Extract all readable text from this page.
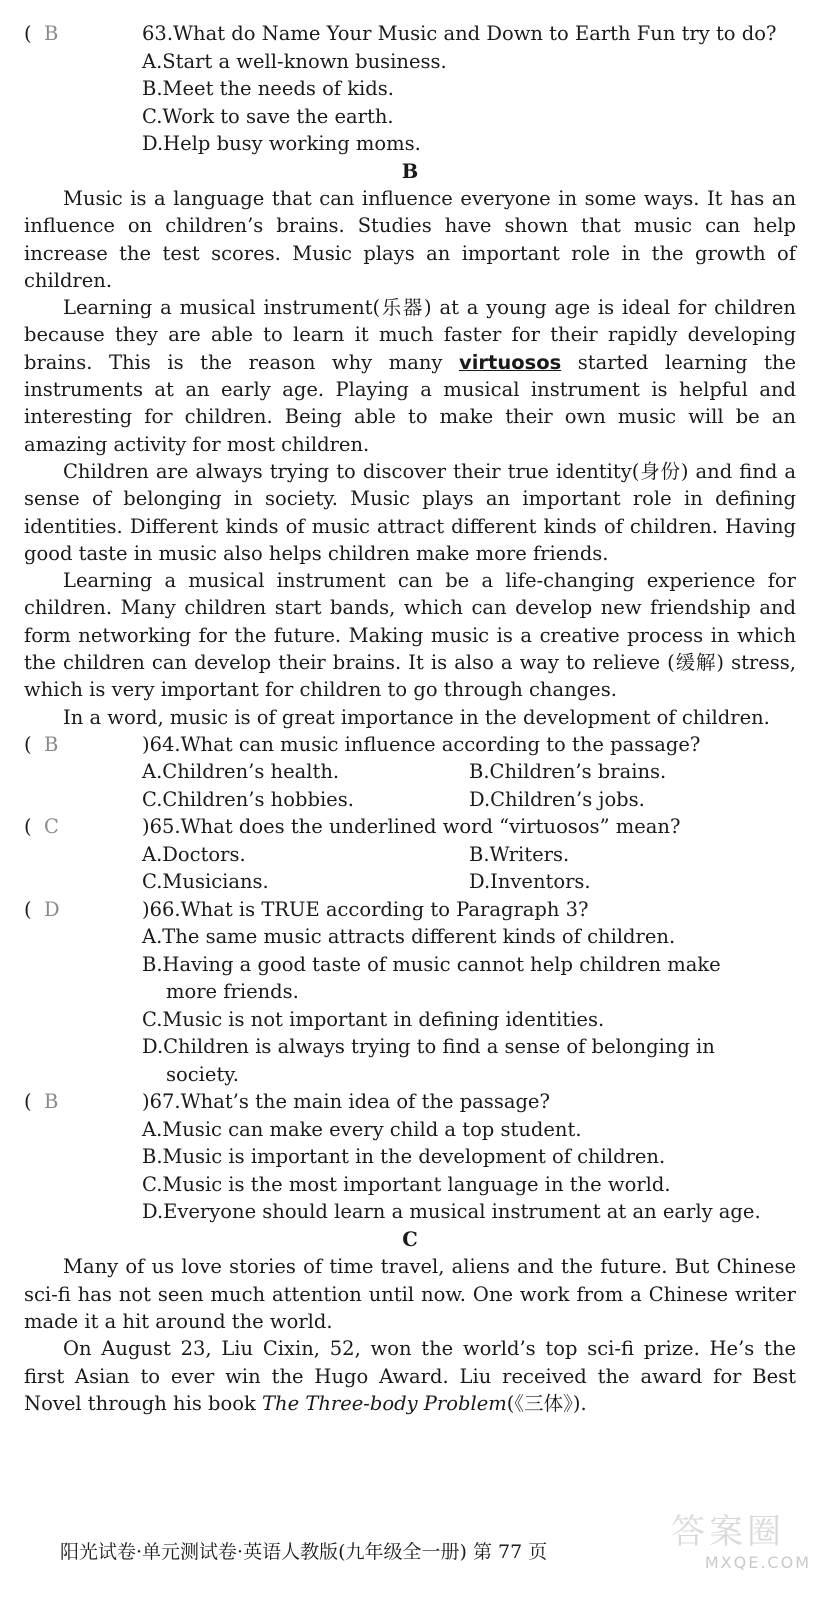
(  B	63.What do Name Your Music and Down to Earth Fun try to do?
A.Start a well-known business.
B.Meet the needs of kids.
C.Work to save the earth.
D.Help busy working moms.
B

Music is a language that can influence everyone in some ways. It has an influence on children’s brains. Studies have shown that music can help increase the test scores. Music plays an important role in the growth of children.

Learning a musical instrument(乐器) at a young age is ideal for children because they are able to learn it much faster for their rapidly developing brains. This is the reason why many virtuosos started learning the instruments at an early age. Playing a musical instrument is helpful and interesting for children. Being able to make their own music will be an amazing activity for most children.

Children are always trying to discover their true identity(身份) and find a sense of belonging in society. Music plays an important role in defining identities. Different kinds of music attract different kinds of children. Having good taste in music also helps children make more friends.

Learning a musical instrument can be a life-changing experience for children. Many children start bands, which can develop new friendship and form networking for the future. Making music is a creative process in which the children can develop their brains. It is also a way to relieve (缓解) stress, which is very important for children to go through changes.

In a word, music is of great importance in the development of children.

(  B	)64.What can music influence according to the passage?
A.Children’s health.	B.Children’s brains.
C.Children’s hobbies.	D.Children’s jobs.
(  C	)65.What does the underlined word “virtuosos” mean?
A.Doctors.	B.Writers.
C.Musicians.	D.Inventors.
(  D	)66.What is TRUE according to Paragraph 3?
A.The same music attracts different kinds of children.
B.Having a good taste of music cannot help children make
more friends.
C.Music is not important in defining identities.
D.Children is always trying to find a sense of belonging in
society.
(  B	)67.What’s the main idea of the passage?
A.Music can make every child a top student.
B.Music is important in the development of children.
C.Music is the most important language in the world.
D.Everyone should learn a musical instrument at an early age.
C

Many of us love stories of time travel, aliens and the future. But Chinese sci-fi has not seen much attention until now. One work from a Chinese writer made it a hit around the world.

On August 23, Liu Cixin, 52, won the world’s top sci-fi prize. He’s the first Asian to ever win the Hugo Award. Liu received the award for Best Novel through his book The Three-body Problem(《三体》).

阳光试卷·单元测试卷·英语人教版(九年级全一册) 第 77 页	答案圈
MXQE.COM
